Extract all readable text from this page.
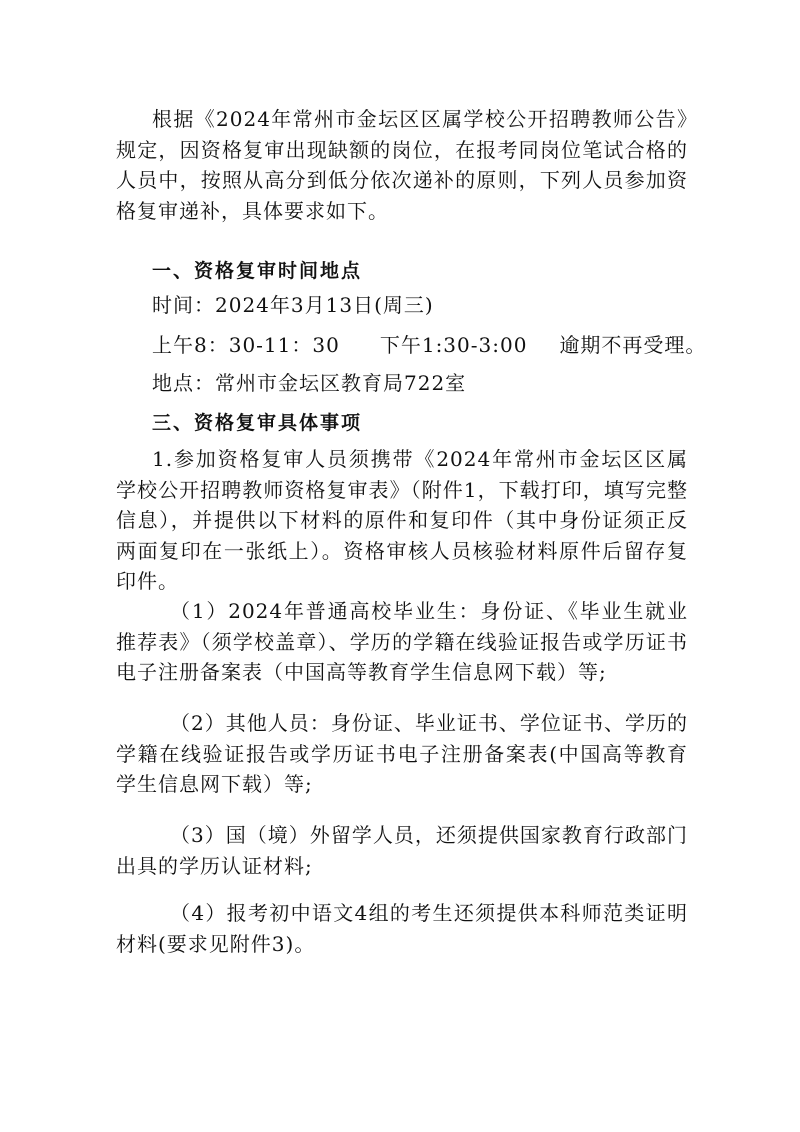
根据《2024年常州市金坛区区属学校公开招聘教师公告》规定，因资格复审出现缺额的岗位，在报考同岗位笔试合格的人员中，按照从高分到低分依次递补的原则，下列人员参加资格复审递补，具体要求如下。

一、资格复审时间地点

时间：2024年3月13日(周三)

上午8：30-11：30 下午1:30-3:00 逾期不再受理。

地点：常州市金坛区教育局722室

三、资格复审具体事项

1.参加资格复审人员须携带《2024年常州市金坛区区属学校公开招聘教师资格复审表》（附件1，下载打印，填写完整信息），并提供以下材料的原件和复印件（其中身份证须正反两面复印在一张纸上）。资格审核人员核验材料原件后留存复印件。

（1）2024年普通高校毕业生：身份证、《毕业生就业推荐表》（须学校盖章）、学历的学籍在线验证报告或学历证书电子注册备案表（中国高等教育学生信息网下载）等;

（2）其他人员：身份证、毕业证书、学位证书、学历的学籍在线验证报告或学历证书电子注册备案表(中国高等教育学生信息网下载）等;

（3）国（境）外留学人员，还须提供国家教育行政部门出具的学历认证材料;

（4）报考初中语文4组的考生还须提供本科师范类证明材料(要求见附件3)。
